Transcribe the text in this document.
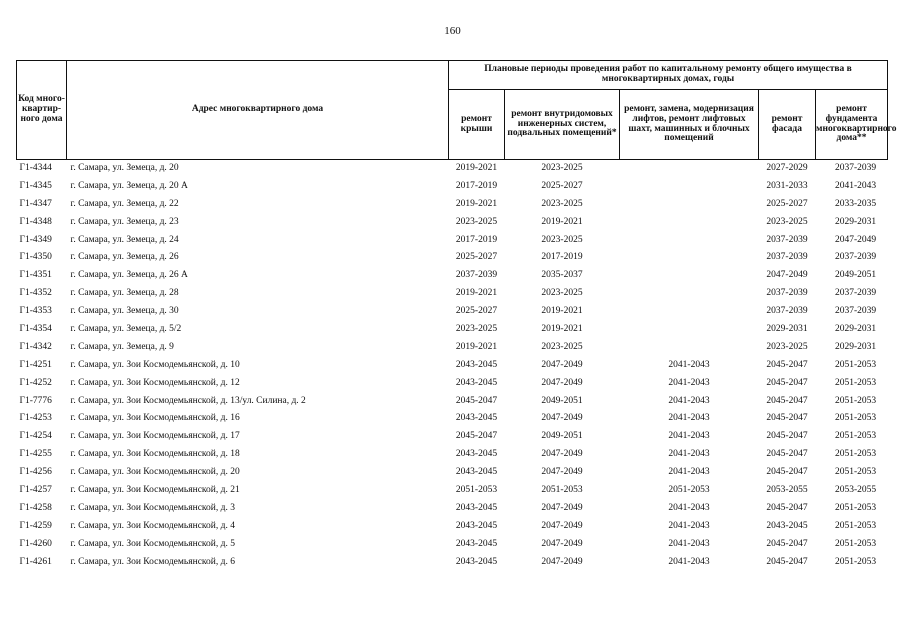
160
Код много-квартир-ного дома	Адрес многоквартирного дома	Плановые периоды проведения работ по капитальному ремонту общего имущества в многоквартирных домах, годы				
		ремонт крыши	ремонт внутридомовых инженерных систем, подвальных помещений*	ремонт, замена, модернизация лифтов, ремонт лифтовых шахт, машинных и блочных помещений	ремонт фасада	ремонт фундамента многоквартирного дома**
Г1-4344	г. Самара, ул. Земеца, д. 20	2019-2021	2023-2025		2027-2029	2037-2039
Г1-4345	г. Самара, ул. Земеца, д. 20 А	2017-2019	2025-2027		2031-2033	2041-2043
Г1-4347	г. Самара, ул. Земеца, д. 22	2019-2021	2023-2025		2025-2027	2033-2035
Г1-4348	г. Самара, ул. Земеца, д. 23	2023-2025	2019-2021		2023-2025	2029-2031
Г1-4349	г. Самара, ул. Земеца, д. 24	2017-2019	2023-2025		2037-2039	2047-2049
Г1-4350	г. Самара, ул. Земеца, д. 26	2025-2027	2017-2019		2037-2039	2037-2039
Г1-4351	г. Самара, ул. Земеца, д. 26 А	2037-2039	2035-2037		2047-2049	2049-2051
Г1-4352	г. Самара, ул. Земеца, д. 28	2019-2021	2023-2025		2037-2039	2037-2039
Г1-4353	г. Самара, ул. Земеца, д. 30	2025-2027	2019-2021		2037-2039	2037-2039
Г1-4354	г. Самара, ул. Земеца, д. 5/2	2023-2025	2019-2021		2029-2031	2029-2031
Г1-4342	г. Самара, ул. Земеца, д. 9	2019-2021	2023-2025		2023-2025	2029-2031
Г1-4251	г. Самара, ул. Зои Космодемьянской, д. 10	2043-2045	2047-2049	2041-2043	2045-2047	2051-2053
Г1-4252	г. Самара, ул. Зои Космодемьянской, д. 12	2043-2045	2047-2049	2041-2043	2045-2047	2051-2053
Г1-7776	г. Самара, ул. Зои Космодемьянской, д. 13/ул. Силина, д. 2	2045-2047	2049-2051	2041-2043	2045-2047	2051-2053
Г1-4253	г. Самара, ул. Зои Космодемьянской, д. 16	2043-2045	2047-2049	2041-2043	2045-2047	2051-2053
Г1-4254	г. Самара, ул. Зои Космодемьянской, д. 17	2045-2047	2049-2051	2041-2043	2045-2047	2051-2053
Г1-4255	г. Самара, ул. Зои Космодемьянской, д. 18	2043-2045	2047-2049	2041-2043	2045-2047	2051-2053
Г1-4256	г. Самара, ул. Зои Космодемьянской, д. 20	2043-2045	2047-2049	2041-2043	2045-2047	2051-2053
Г1-4257	г. Самара, ул. Зои Космодемьянской, д. 21	2051-2053	2051-2053	2051-2053	2053-2055	2053-2055
Г1-4258	г. Самара, ул. Зои Космодемьянской, д. 3	2043-2045	2047-2049	2041-2043	2045-2047	2051-2053
Г1-4259	г. Самара, ул. Зои Космодемьянской, д. 4	2043-2045	2047-2049	2041-2043	2043-2045	2051-2053
Г1-4260	г. Самара, ул. Зои Космодемьянской, д. 5	2043-2045	2047-2049	2041-2043	2045-2047	2051-2053
Г1-4261	г. Самара, ул. Зои Космодемьянской, д. 6	2043-2045	2047-2049	2041-2043	2045-2047	2051-2053
